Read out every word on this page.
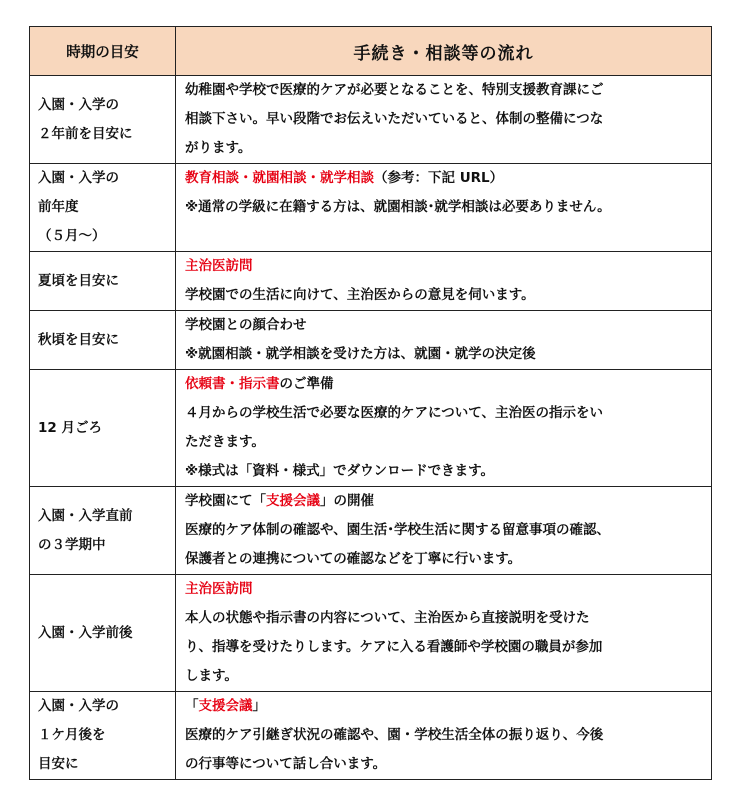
時期の目安	手続き・相談等の流れ

入園・入学の
２年前を目安に	幼稚園や学校で医療的ケアが必要となることを、特別支援教育課にご
相談下さい。早い段階でお伝えいただいていると、体制の整備につな
がります。

入園・入学の
前年度
（５月～）	教育相談・就園相談・就学相談（参考：下記 URL）
※通常の学級に在籍する方は、就園相談･就学相談は必要ありません。

夏頃を目安に	主治医訪問
学校園での生活に向けて、主治医からの意見を伺います。

秋頃を目安に	学校園との顔合わせ
※就園相談・就学相談を受けた方は、就園・就学の決定後

12 月ごろ	依頼書・指示書のご準備
４月からの学校生活で必要な医療的ケアについて、主治医の指示をい
ただきます。
※様式は「資料・様式」でダウンロードできます。

入園・入学直前
の３学期中	学校園にて「支援会議」の開催
医療的ケア体制の確認や、園生活･学校生活に関する留意事項の確認、
保護者との連携についての確認などを丁寧に行います。

入園・入学前後	主治医訪問
本人の状態や指示書の内容について、主治医から直接説明を受けた
り、指導を受けたりします。ケアに入る看護師や学校園の職員が参加
します。

入園・入学の
１ケ月後を
目安に	「支援会議」
医療的ケア引継ぎ状況の確認や、園・学校生活全体の振り返り、今後
の行事等について話し合います。
